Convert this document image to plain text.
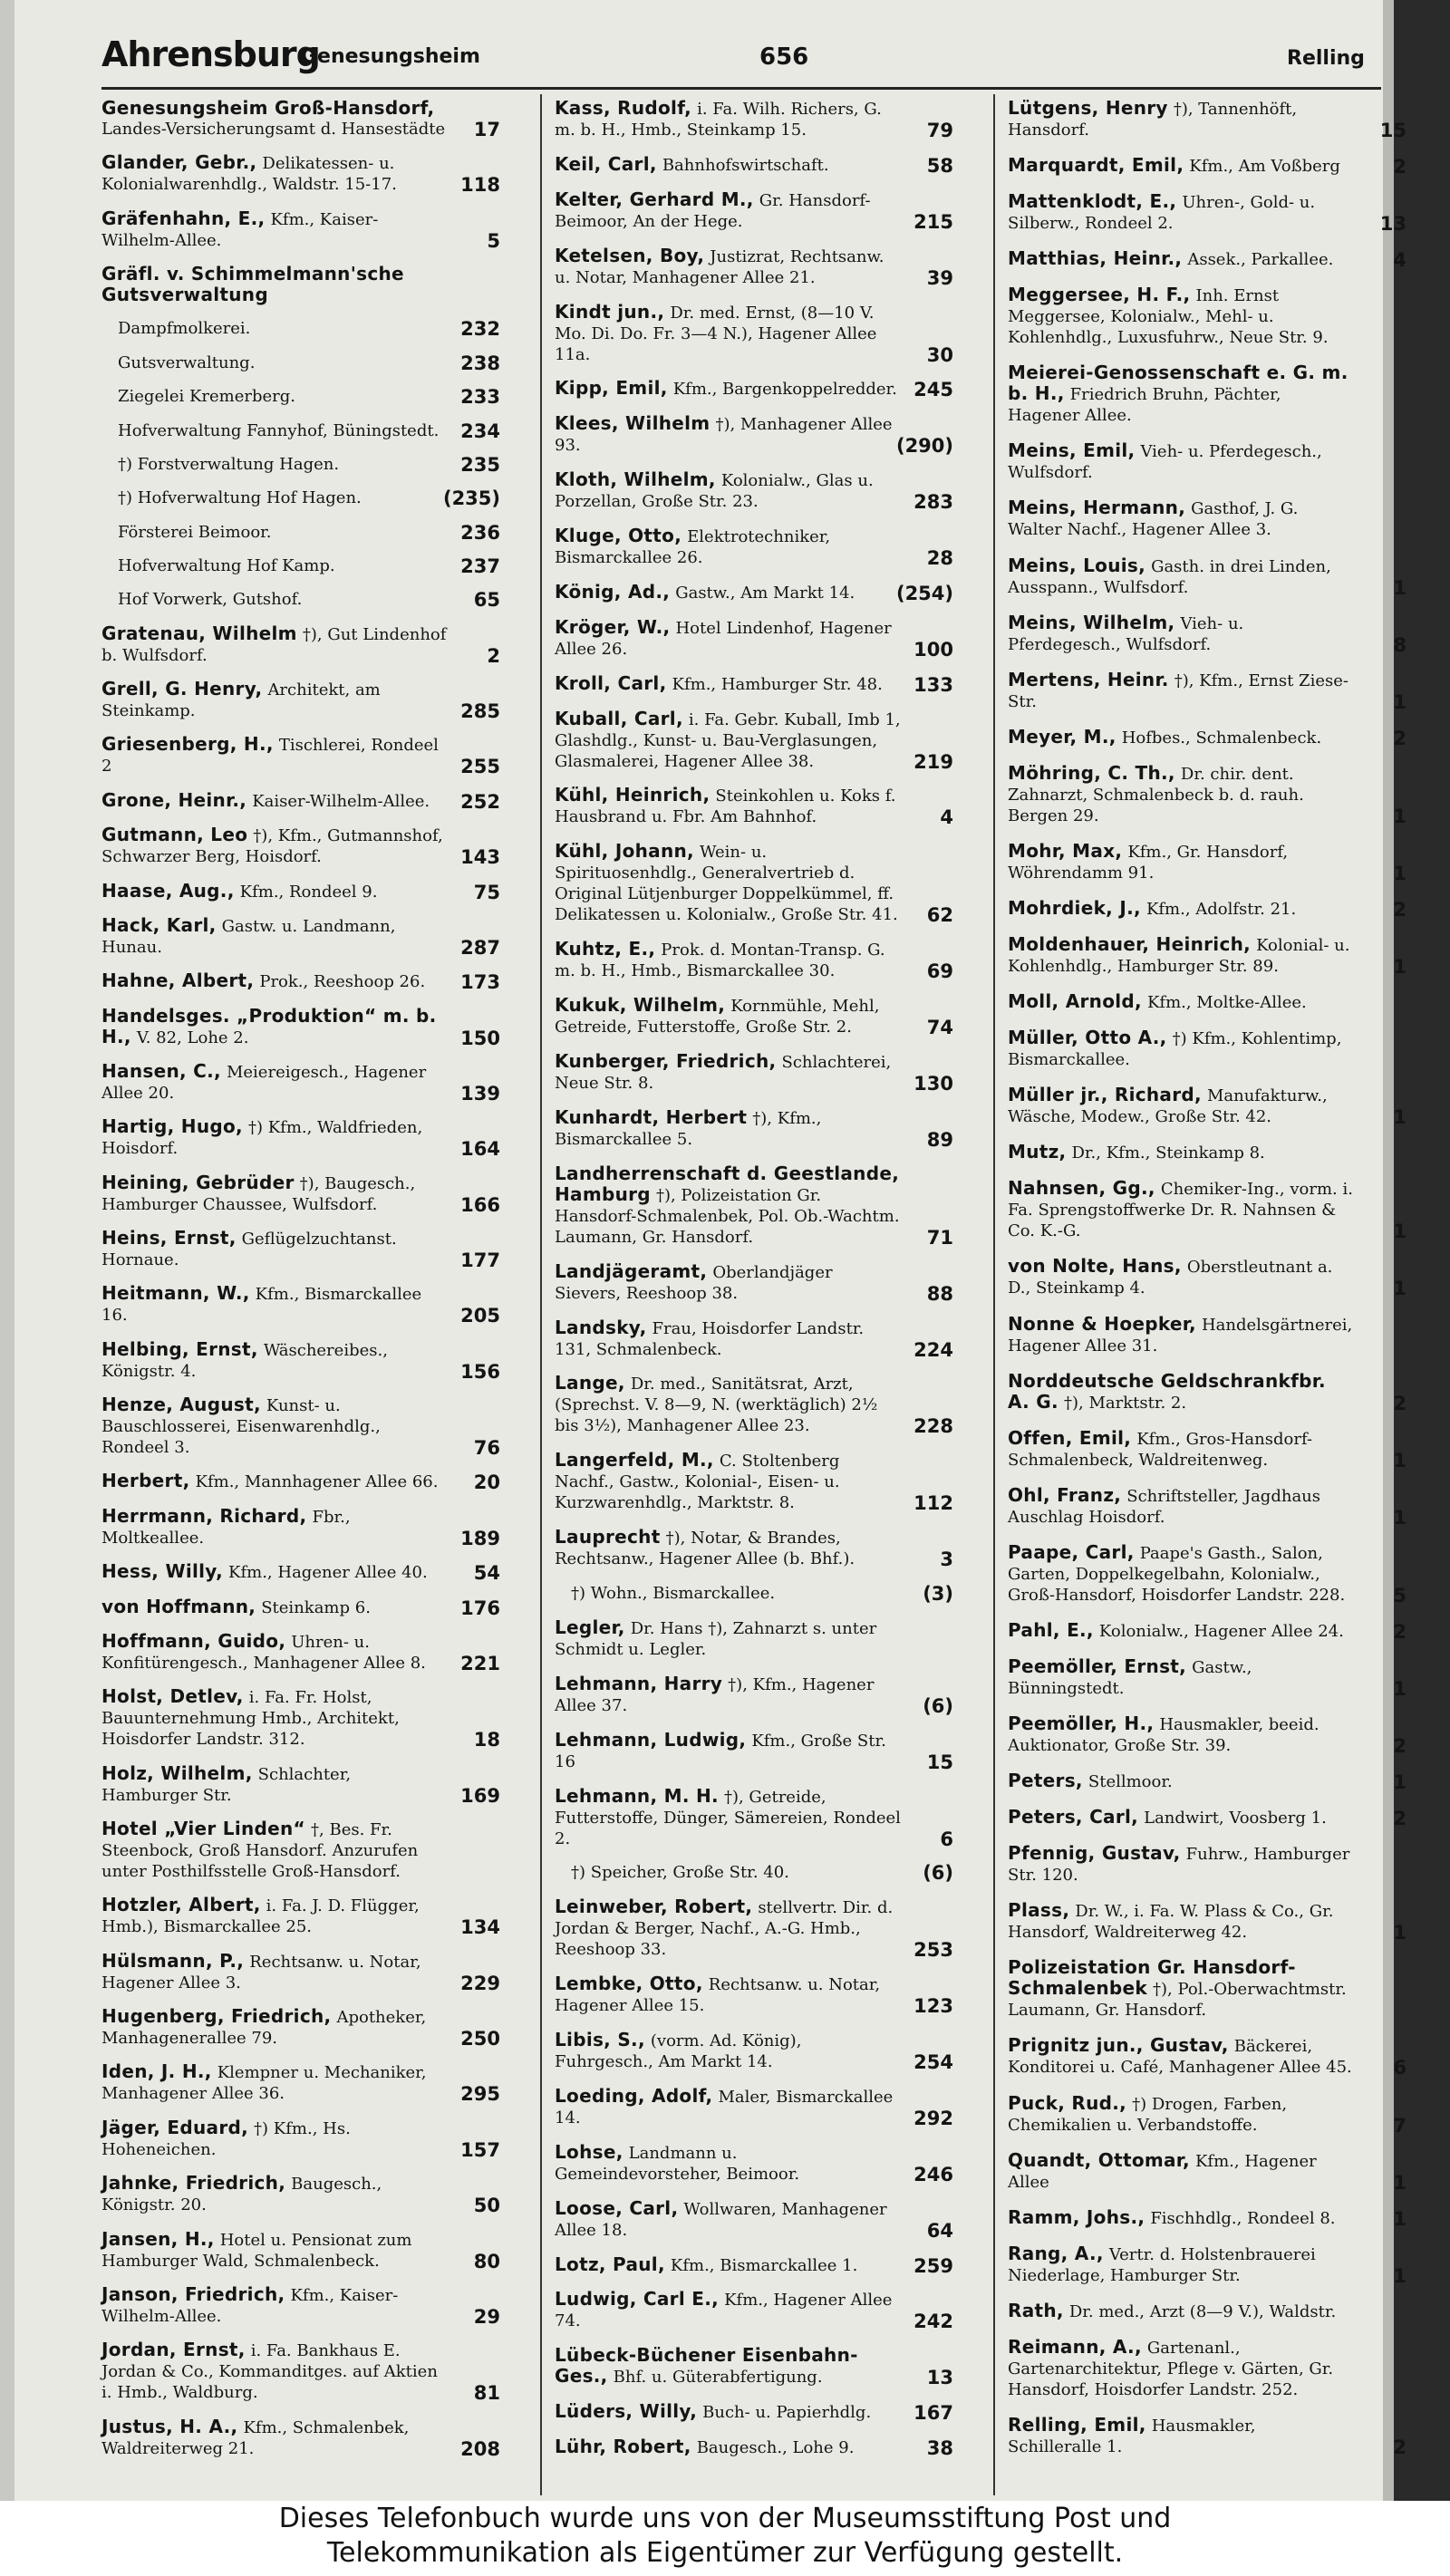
Ahrensburg
Genesungsheim	656	Relling
Genesungsheim Groß-Hansdorf, Landes-Versicherungsamt d. Hansestädte	17
Glander, Gebr., Delikatessen- u. Kolonialwarenhdlg., Waldstr. 15-17.	118
Gräfenhahn, E., Kfm., Kaiser-Wilhelm-Allee.	5
Gräfl. v. Schimmelmann'sche Gutsverwaltung
Dampfmolkerei.	232
Gutsverwaltung.	238
Ziegelei Kremerberg.	233
Hofverwaltung Fannyhof, Büningstedt.	234
†) Forstverwaltung Hagen.	235
†) Hofverwaltung Hof Hagen.	(235)
Försterei Beimoor.	236
Hofverwaltung Hof Kamp.	237
Hof Vorwerk, Gutshof.	65
Gratenau, Wilhelm †), Gut Lindenhof b. Wulfsdorf.	2
Grell, G. Henry, Architekt, am Steinkamp.	285
Griesenberg, H., Tischlerei, Rondeel 2	255
Grone, Heinr., Kaiser-Wilhelm-Allee.	252
Gutmann, Leo †), Kfm., Gutmannshof, Schwarzer Berg, Hoisdorf.	143
Haase, Aug., Kfm., Rondeel 9.	75
Hack, Karl, Gastw. u. Landmann, Hunau.	287
Hahne, Albert, Prok., Reeshoop 26.	173
Handelsges. „Produktion“ m. b. H., V. 82, Lohe 2.	150
Hansen, C., Meiereigesch., Hagener Allee 20.	139
Hartig, Hugo, †) Kfm., Waldfrieden, Hoisdorf.	164
Heining, Gebrüder †), Baugesch., Hamburger Chaussee, Wulfsdorf.	166
Heins, Ernst, Geflügelzuchtanst. Hornaue.	177
Heitmann, W., Kfm., Bismarckallee 16.	205
Helbing, Ernst, Wäschereibes., Königstr. 4.	156
Henze, August, Kunst- u. Bauschlosserei, Eisenwarenhdlg., Rondeel 3.	76
Herbert, Kfm., Mannhagener Allee 66.	20
Herrmann, Richard, Fbr., Moltkeallee.	189
Hess, Willy, Kfm., Hagener Allee 40.	54
von Hoffmann, Steinkamp 6.	176
Hoffmann, Guido, Uhren- u. Konfitürengesch., Manhagener Allee 8.	221
Holst, Detlev, i. Fa. Fr. Holst, Bauunternehmung Hmb., Architekt, Hoisdorfer Landstr. 312.	18
Holz, Wilhelm, Schlachter, Hamburger Str.	169
Hotel „Vier Linden“ †, Bes. Fr. Steenbock, Groß Hansdorf. Anzurufen unter Posthilfsstelle Groß-Hansdorf.
Hotzler, Albert, i. Fa. J. D. Flügger, Hmb.), Bismarckallee 25.	134
Hülsmann, P., Rechtsanw. u. Notar, Hagener Allee 3.	229
Hugenberg, Friedrich, Apotheker, Manhagenerallee 79.	250
Iden, J. H., Klempner u. Mechaniker, Manhagener Allee 36.	295
Jäger, Eduard, †) Kfm., Hs. Hoheneichen.	157
Jahnke, Friedrich, Baugesch., Königstr. 20.	50
Jansen, H., Hotel u. Pensionat zum Hamburger Wald, Schmalenbeck.	80
Janson, Friedrich, Kfm., Kaiser-Wilhelm-Allee.	29
Jordan, Ernst, i. Fa. Bankhaus E. Jordan & Co., Kommanditges. auf Aktien i. Hmb., Waldburg.	81
Justus, H. A., Kfm., Schmalenbek, Waldreiterweg 21.	208
Kass, Rudolf, i. Fa. Wilh. Richers, G. m. b. H., Hmb., Steinkamp 15.	79
Keil, Carl, Bahnhofswirtschaft.	58
Kelter, Gerhard M., Gr. Hansdorf-Beimoor, An der Hege.	215
Ketelsen, Boy, Justizrat, Rechtsanw. u. Notar, Manhagener Allee 21.	39
Kindt jun., Dr. med. Ernst, (8—10 V. Mo. Di. Do. Fr. 3—4 N.), Hagener Allee 11a.	30
Kipp, Emil, Kfm., Bargenkoppelredder. 245
Klees, Wilhelm †), Manhagener Allee 93.	(290)
Kloth, Wilhelm, Kolonialw., Glas u. Porzellan, Große Str. 23.	283
Kluge, Otto, Elektrotechniker, Bismarckallee 26.	28
König, Ad., Gastw., Am Markt 14.	(254)
Kröger, W., Hotel Lindenhof, Hagener Allee 26.	100
Kroll, Carl, Kfm., Hamburger Str. 48.	133
Kuball, Carl, i. Fa. Gebr. Kuball, Imb 1, Glashdlg., Kunst- u. Bau-Verglasungen, Glasmalerei, Hagener Allee 38.	219
Kühl, Heinrich, Steinkohlen u. Koks f. Hausbrand u. Fbr. Am Bahnhof.	4
Kühl, Johann, Wein- u. Spirituosenhdlg., Generalvertrieb d. Original Lütjenburger Doppelkümmel, ff. Delikatessen u. Kolonialw., Große Str. 41.	62
Kuhtz, E., Prok. d. Montan-Transp. G. m. b. H., Hmb., Bismarckallee 30.	69
Kukuk, Wilhelm, Kornmühle, Mehl, Getreide, Futterstoffe, Große Str. 2.	74
Kunberger, Friedrich, Schlachterei, Neue Str. 8.	130
Kunhardt, Herbert †), Kfm., Bismarckallee 5.	89
Landherrenschaft d. Geestlande, Hamburg †), Polizeistation Gr. Hansdorf-Schmalenbek, Pol. Ob.-Wachtm. Laumann, Gr. Hansdorf.	71
Landjägeramt, Oberlandjäger Sievers, Reeshoop 38.	88
Landsky, Frau, Hoisdorfer Landstr. 131, Schmalenbeck.	224
Lange, Dr. med., Sanitätsrat, Arzt, (Sprechst. V. 8—9, N. (werktäglich) 2½ bis 3½), Manhagener Allee 23.	228
Langerfeld, M., C. Stoltenberg Nachf., Gastw., Kolonial-, Eisen- u. Kurzwarenhdlg., Marktstr. 8.	112
Lauprecht †), Notar, & Brandes, Rechtsanw., Hagener Allee (b. Bhf.).	3
†) Wohn., Bismarckallee.	(3)
Legler, Dr. Hans †), Zahnarzt s. unter Schmidt u. Legler.
Lehmann, Harry †), Kfm., Hagener Allee 37.	(6)
Lehmann, Ludwig, Kfm., Große Str. 16	15
Lehmann, M. H. †), Getreide, Futterstoffe, Dünger, Sämereien, Rondeel 2.	6
†) Speicher, Große Str. 40.	(6)
Leinweber, Robert, stellvertr. Dir. d. Jordan & Berger, Nachf., A.-G. Hmb., Reeshoop 33.	253
Lembke, Otto, Rechtsanw. u. Notar, Hagener Allee 15.	123
Libis, S., (vorm. Ad. König), Fuhrgesch., Am Markt 14.	254
Loeding, Adolf, Maler, Bismarckallee 14.	292
Lohse, Landmann u. Gemeindevorsteher, Beimoor.	246
Loose, Carl, Wollwaren, Manhagener Allee 18.	64
Lotz, Paul, Kfm., Bismarckallee 1.	259
Ludwig, Carl E., Kfm., Hagener Allee 74.	242
Lübeck-Büchener Eisenbahn-Ges., Bhf. u. Güterabfertigung.	13
Lüders, Willy, Buch- u. Papierhdlg.	167
Lühr, Robert, Baugesch., Lohe 9.	38
Lütgens, Henry †), Tannenhöft, Hansdorf.	15
Marquardt, Emil, Kfm., Am Voßberg	2
Mattenklodt, E., Uhren-, Gold- u. Silberw., Rondeel 2.	13
Matthias, Heinr., Assek., Parkallee.	4
Meggersee, H. F., Inh. Ernst Meggersee, Kolonialw., Mehl- u. Kohlenhdlg., Luxusfuhrw., Neue Str. 9.
Meierei-Genossenschaft e. G. m. b. H., Friedrich Bruhn, Pächter, Hagener Allee.
Meins, Emil, Vieh- u. Pferdegesch., Wulfsdorf.
Meins, Hermann, Gasthof, J. G. Walter Nachf., Hagener Allee 3.
Meins, Louis, Gasth. in drei Linden, Ausspann., Wulfsdorf.	1
Meins, Wilhelm, Vieh- u. Pferdegesch., Wulfsdorf.	8
Mertens, Heinr. †), Kfm., Ernst Ziese-Str.	1
Meyer, M., Hofbes., Schmalenbeck.	2
Möhring, C. Th., Dr. chir. dent. Zahnarzt, Schmalenbeck b. d. rauh. Bergen 29.	1
Mohr, Max, Kfm., Gr. Hansdorf, Wöhrendamm 91.	1
Mohrdiek, J., Kfm., Adolfstr. 21.	2
Moldenhauer, Heinrich, Kolonial- u. Kohlenhdlg., Hamburger Str. 89.	1
Moll, Arnold, Kfm., Moltke-Allee.
Müller, Otto A., †) Kfm., Kohlentimp, Bismarckallee.
Müller jr., Richard, Manufakturw., Wäsche, Modew., Große Str. 42.	1
Mutz, Dr., Kfm., Steinkamp 8.
Nahnsen, Gg., Chemiker-Ing., vorm. i. Fa. Sprengstoffwerke Dr. R. Nahnsen & Co. K.-G.	1
von Nolte, Hans, Oberstleutnant a. D., Steinkamp 4.	1
Nonne & Hoepker, Handelsgärtnerei, Hagener Allee 31.
Norddeutsche Geldschrankfbr. A. G. †), Marktstr. 2.	2
Offen, Emil, Kfm., Gros-Hansdorf-Schmalenbeck, Waldreitenweg.	1
Ohl, Franz, Schriftsteller, Jagdhaus Auschlag Hoisdorf.	1
Paape, Carl, Paape's Gasth., Salon, Garten, Doppelkegelbahn, Kolonialw., Groß-Hansdorf, Hoisdorfer Landstr. 228.	5
Pahl, E., Kolonialw., Hagener Allee 24.	2
Peemöller, Ernst, Gastw., Bünningstedt.	1
Peemöller, H., Hausmakler, beeid. Auktionator, Große Str. 39.	2
Peters, Stellmoor.	1
Peters, Carl, Landwirt, Voosberg 1.	2
Pfennig, Gustav, Fuhrw., Hamburger Str. 120.
Plass, Dr. W., i. Fa. W. Plass & Co., Gr. Hansdorf, Waldreiterweg 42.	1
Polizeistation Gr. Hansdorf-Schmalenbek †), Pol.-Oberwachtmstr. Laumann, Gr. Hansdorf.
Prignitz jun., Gustav, Bäckerei, Konditorei u. Café, Manhagener Allee 45.	6
Puck, Rud., †) Drogen, Farben, Chemikalien u. Verbandstoffe.	7
Quandt, Ottomar, Kfm., Hagener Allee	1
Ramm, Johs., Fischhdlg., Rondeel 8.	1
Rang, A., Vertr. d. Holstenbrauerei Niederlage, Hamburger Str.	1
Rath, Dr. med., Arzt (8—9 V.), Waldstr.
Reimann, A., Gartenanl., Gartenarchitektur, Pflege v. Gärten, Gr. Hansdorf, Hoisdorfer Landstr. 252.
Relling, Emil, Hausmakler, Schilleralle 1.	2
Dieses Telefonbuch wurde uns von der Museumsstiftung Post und
Telekommunikation als Eigentümer zur Verfügung gestellt.
